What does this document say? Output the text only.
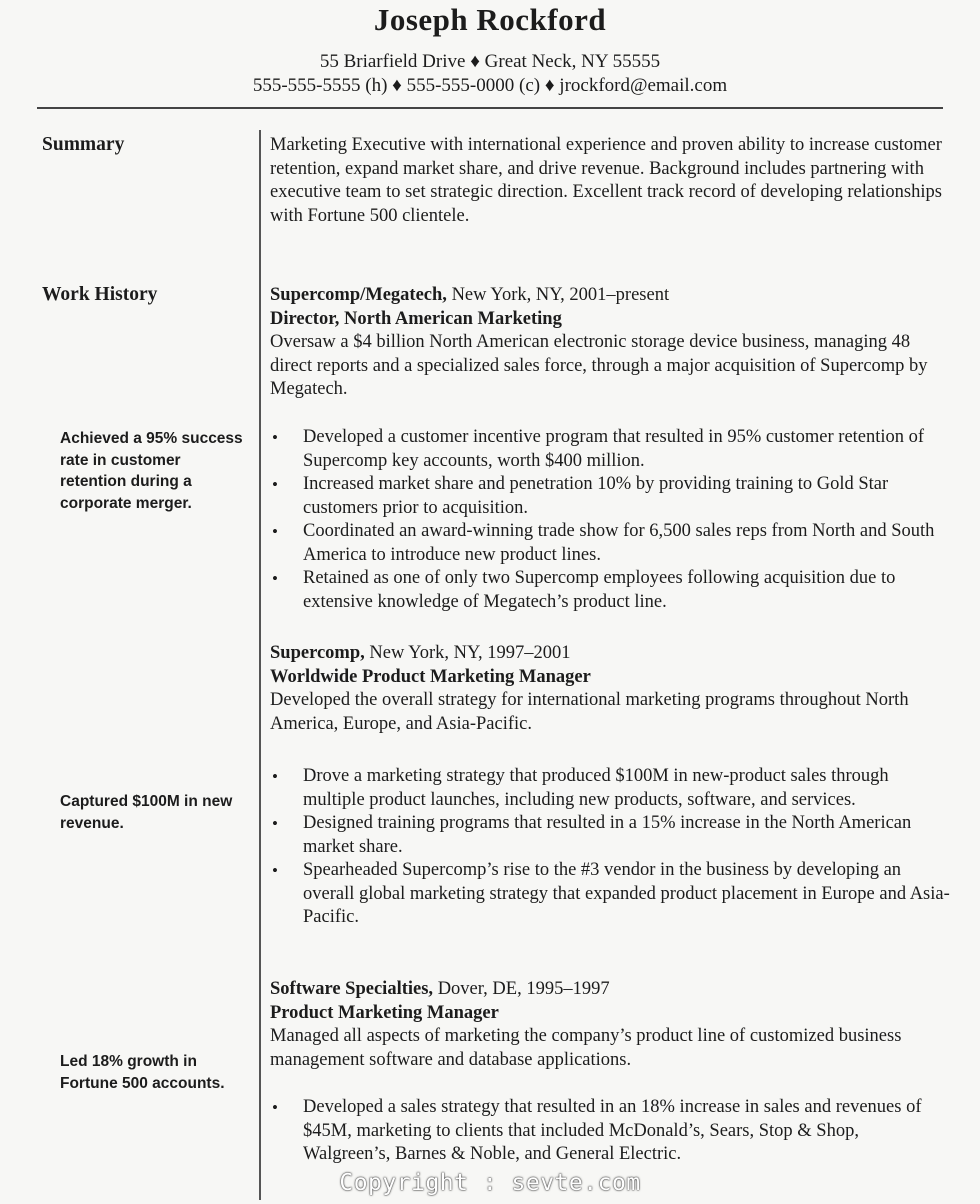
Joseph Rockford
55 Briarfield Drive ♦ Great Neck, NY 55555
555-555-5555 (h) ♦ 555-555-0000 (c) ♦ jrockford@email.com
Summary	Marketing Executive with international experience and proven ability to increase customer retention, expand market share, and drive revenue. Background includes partnering with executive team to set strategic direction. Excellent track record of developing relationships with Fortune 500 clientele.
Work History	Supercomp/Megatech, New York, NY, 2001–present
Director, North American Marketing
Oversaw a $4 billion North American electronic storage device business, managing 48 direct reports and a specialized sales force, through a major acquisition of Supercomp by Megatech.
Achieved a 95% success rate in customer retention during a corporate merger.
• Developed a customer incentive program that resulted in 95% customer retention of Supercomp key accounts, worth $400 million.
• Increased market share and penetration 10% by providing training to Gold Star customers prior to acquisition.
• Coordinated an award-winning trade show for 6,500 sales reps from North and South America to introduce new product lines.
• Retained as one of only two Supercomp employees following acquisition due to extensive knowledge of Megatech’s product line.
Supercomp, New York, NY, 1997–2001
Worldwide Product Marketing Manager
Developed the overall strategy for international marketing programs throughout North America, Europe, and Asia-Pacific.
Captured $100M in new revenue.
• Drove a marketing strategy that produced $100M in new-product sales through multiple product launches, including new products, software, and services.
• Designed training programs that resulted in a 15% increase in the North American market share.
• Spearheaded Supercomp’s rise to the #3 vendor in the business by developing an overall global marketing strategy that expanded product placement in Europe and Asia-Pacific.
Software Specialties, Dover, DE, 1995–1997
Product Marketing Manager
Managed all aspects of marketing the company’s product line of customized business management software and database applications.
Led 18% growth in Fortune 500 accounts.
• Developed a sales strategy that resulted in an 18% increase in sales and revenues of $45M, marketing to clients that included McDonald’s, Sears, Stop & Shop, Walgreen’s, Barnes & Noble, and General Electric.
Copyright : sevte.com
